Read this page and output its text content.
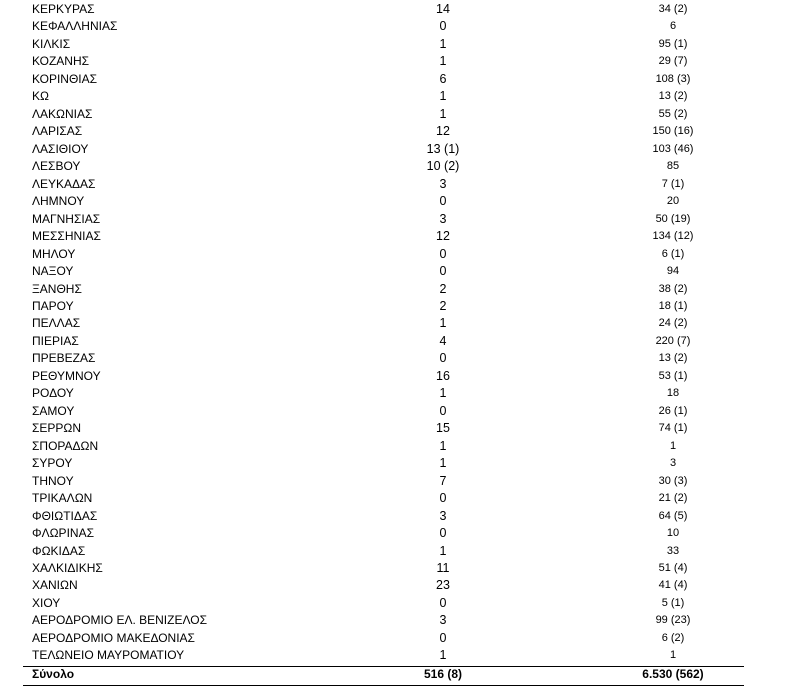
ΚΕΡΚΥΡΑΣ	14	34 (2)
ΚΕΦΑΛΛΗΝΙΑΣ	0	6
ΚΙΛΚΙΣ	1	95 (1)
ΚΟΖΑΝΗΣ	1	29 (7)
ΚΟΡΙΝΘΙΑΣ	6	108 (3)
ΚΩ	1	13 (2)
ΛΑΚΩΝΙΑΣ	1	55 (2)
ΛΑΡΙΣΑΣ	12	150 (16)
ΛΑΣΙΘΙΟΥ	13 (1)	103 (46)
ΛΕΣΒΟΥ	10 (2)	85
ΛΕΥΚΑΔΑΣ	3	7 (1)
ΛΗΜΝΟΥ	0	20
ΜΑΓΝΗΣΙΑΣ	3	50 (19)
ΜΕΣΣΗΝΙΑΣ	12	134 (12)
ΜΗΛΟΥ	0	6 (1)
ΝΑΞΟΥ	0	94
ΞΑΝΘΗΣ	2	38 (2)
ΠΑΡΟΥ	2	18 (1)
ΠΕΛΛΑΣ	1	24 (2)
ΠΙΕΡΙΑΣ	4	220 (7)
ΠΡΕΒΕΖΑΣ	0	13 (2)
ΡΕΘΥΜΝΟΥ	16	53 (1)
ΡΟΔΟΥ	1	18
ΣΑΜΟΥ	0	26 (1)
ΣΕΡΡΩΝ	15	74 (1)
ΣΠΟΡΑΔΩΝ	1	1
ΣΥΡΟΥ	1	3
ΤΗΝΟΥ	7	30 (3)
ΤΡΙΚΑΛΩΝ	0	21 (2)
ΦΘΙΩΤΙΔΑΣ	3	64 (5)
ΦΛΩΡΙΝΑΣ	0	10
ΦΩΚΙΔΑΣ	1	33
ΧΑΛΚΙΔΙΚΗΣ	11	51 (4)
ΧΑΝΙΩΝ	23	41 (4)
ΧΙΟΥ	0	5 (1)
ΑΕΡΟΔΡΟΜΙΟ ΕΛ. ΒΕΝΙΖΕΛΟΣ	3	99 (23)
ΑΕΡΟΔΡΟΜΙΟ ΜΑΚΕΔΟΝΙΑΣ	0	6 (2)
ΤΕΛΩΝΕΙΟ ΜΑΥΡΟΜΑΤΙΟΥ	1	1
Σύνολο	516 (8)	6.530 (562)
